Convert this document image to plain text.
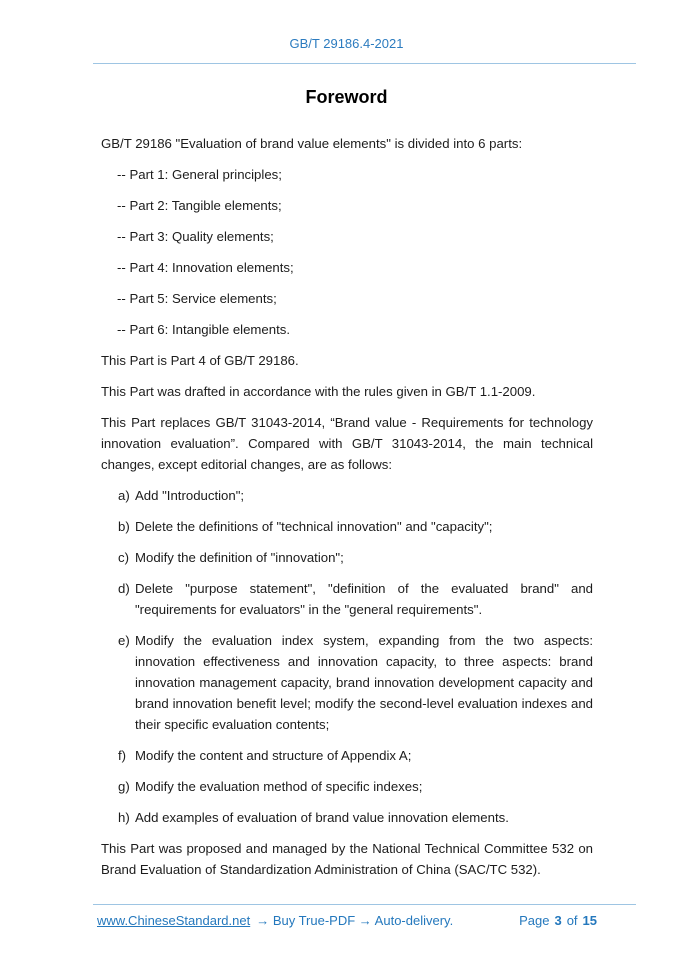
GB/T 29186.4-2021
Foreword

GB/T 29186 "Evaluation of brand value elements" is divided into 6 parts:

-- Part 1: General principles;
-- Part 2: Tangible elements;
-- Part 3: Quality elements;
-- Part 4: Innovation elements;
-- Part 5: Service elements;
-- Part 6: Intangible elements.

This Part is Part 4 of GB/T 29186.

This Part was drafted in accordance with the rules given in GB/T 1.1-2009.

This Part replaces GB/T 31043-2014, “Brand value - Requirements for technology innovation evaluation”. Compared with GB/T 31043-2014, the main technical changes, except editorial changes, are as follows:

a) Add "Introduction";
b) Delete the definitions of "technical innovation" and "capacity";
c) Modify the definition of "innovation";
d) Delete "purpose statement", "definition of the evaluated brand" and "requirements for evaluators" in the "general requirements".
e) Modify the evaluation index system, expanding from the two aspects: innovation effectiveness and innovation capacity, to three aspects: brand innovation management capacity, brand innovation development capacity and brand innovation benefit level; modify the second-level evaluation indexes and their specific evaluation contents;
f) Modify the content and structure of Appendix A;
g) Modify the evaluation method of specific indexes;
h) Add examples of evaluation of brand value innovation elements.

This Part was proposed and managed by the National Technical Committee 532 on Brand Evaluation of Standardization Administration of China (SAC/TC 532).

www.ChineseStandard.net → Buy True-PDF → Auto-delivery.	Page 3 of 15
